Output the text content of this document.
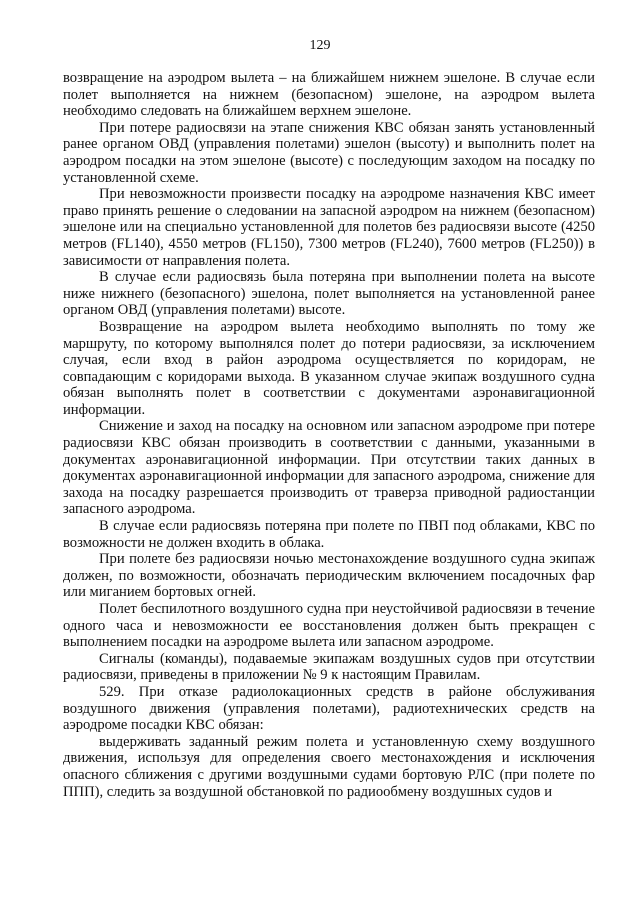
129

возвращение на аэродром вылета – на ближайшем нижнем эшелоне. В случае если полет выполняется на нижнем (безопасном) эшелоне, на аэродром вылета необходимо следовать на ближайшем верхнем эшелоне.

При потере радиосвязи на этапе снижения КВС обязан занять установленный ранее органом ОВД (управления полетами) эшелон (высоту) и выполнить полет на аэродром посадки на этом эшелоне (высоте) с последующим заходом на посадку по установленной схеме.

При невозможности произвести посадку на аэродроме назначения КВС имеет право принять решение о следовании на запасной аэродром на нижнем (безопасном) эшелоне или на специально установленной для полетов без радиосвязи высоте (4250 метров (FL140), 4550 метров (FL150), 7300 метров (FL240), 7600 метров (FL250)) в зависимости от направления полета.

В случае если радиосвязь была потеряна при выполнении полета на высоте ниже нижнего (безопасного) эшелона, полет выполняется на установленной ранее органом ОВД (управления полетами) высоте.

Возвращение на аэродром вылета необходимо выполнять по тому же маршруту, по которому выполнялся полет до потери радиосвязи, за исключением случая, если вход в район аэродрома осуществляется по коридорам, не совпадающим с коридорами выхода. В указанном случае экипаж воздушного судна обязан выполнять полет в соответствии с документами аэронавигационной информации.

Снижение и заход на посадку на основном или запасном аэродроме при потере радиосвязи КВС обязан производить в соответствии с данными, указанными в документах аэронавигационной информации. При отсутствии таких данных в документах аэронавигационной информации для запасного аэродрома, снижение для захода на посадку разрешается производить от траверза приводной радиостанции запасного аэродрома.

В случае если радиосвязь потеряна при полете по ПВП под облаками, КВС по возможности не должен входить в облака.

При полете без радиосвязи ночью местонахождение воздушного судна экипаж должен, по возможности, обозначать периодическим включением посадочных фар или миганием бортовых огней.

Полет беспилотного воздушного судна при неустойчивой радиосвязи в течение одного часа и невозможности ее восстановления должен быть прекращен с выполнением посадки на аэродроме вылета или запасном аэродроме.

Сигналы (команды), подаваемые экипажам воздушных судов при отсутствии радиосвязи, приведены в приложении № 9 к настоящим Правилам.

529. При отказе радиолокационных средств в районе обслуживания воздушного движения (управления полетами), радиотехнических средств на аэродроме посадки КВС обязан:

выдерживать заданный режим полета и установленную схему воздушного движения, используя для определения своего местонахождения и исключения опасного сближения с другими воздушными судами бортовую РЛС (при полете по ППП), следить за воздушной обстановкой по радиообмену воздушных судов и
